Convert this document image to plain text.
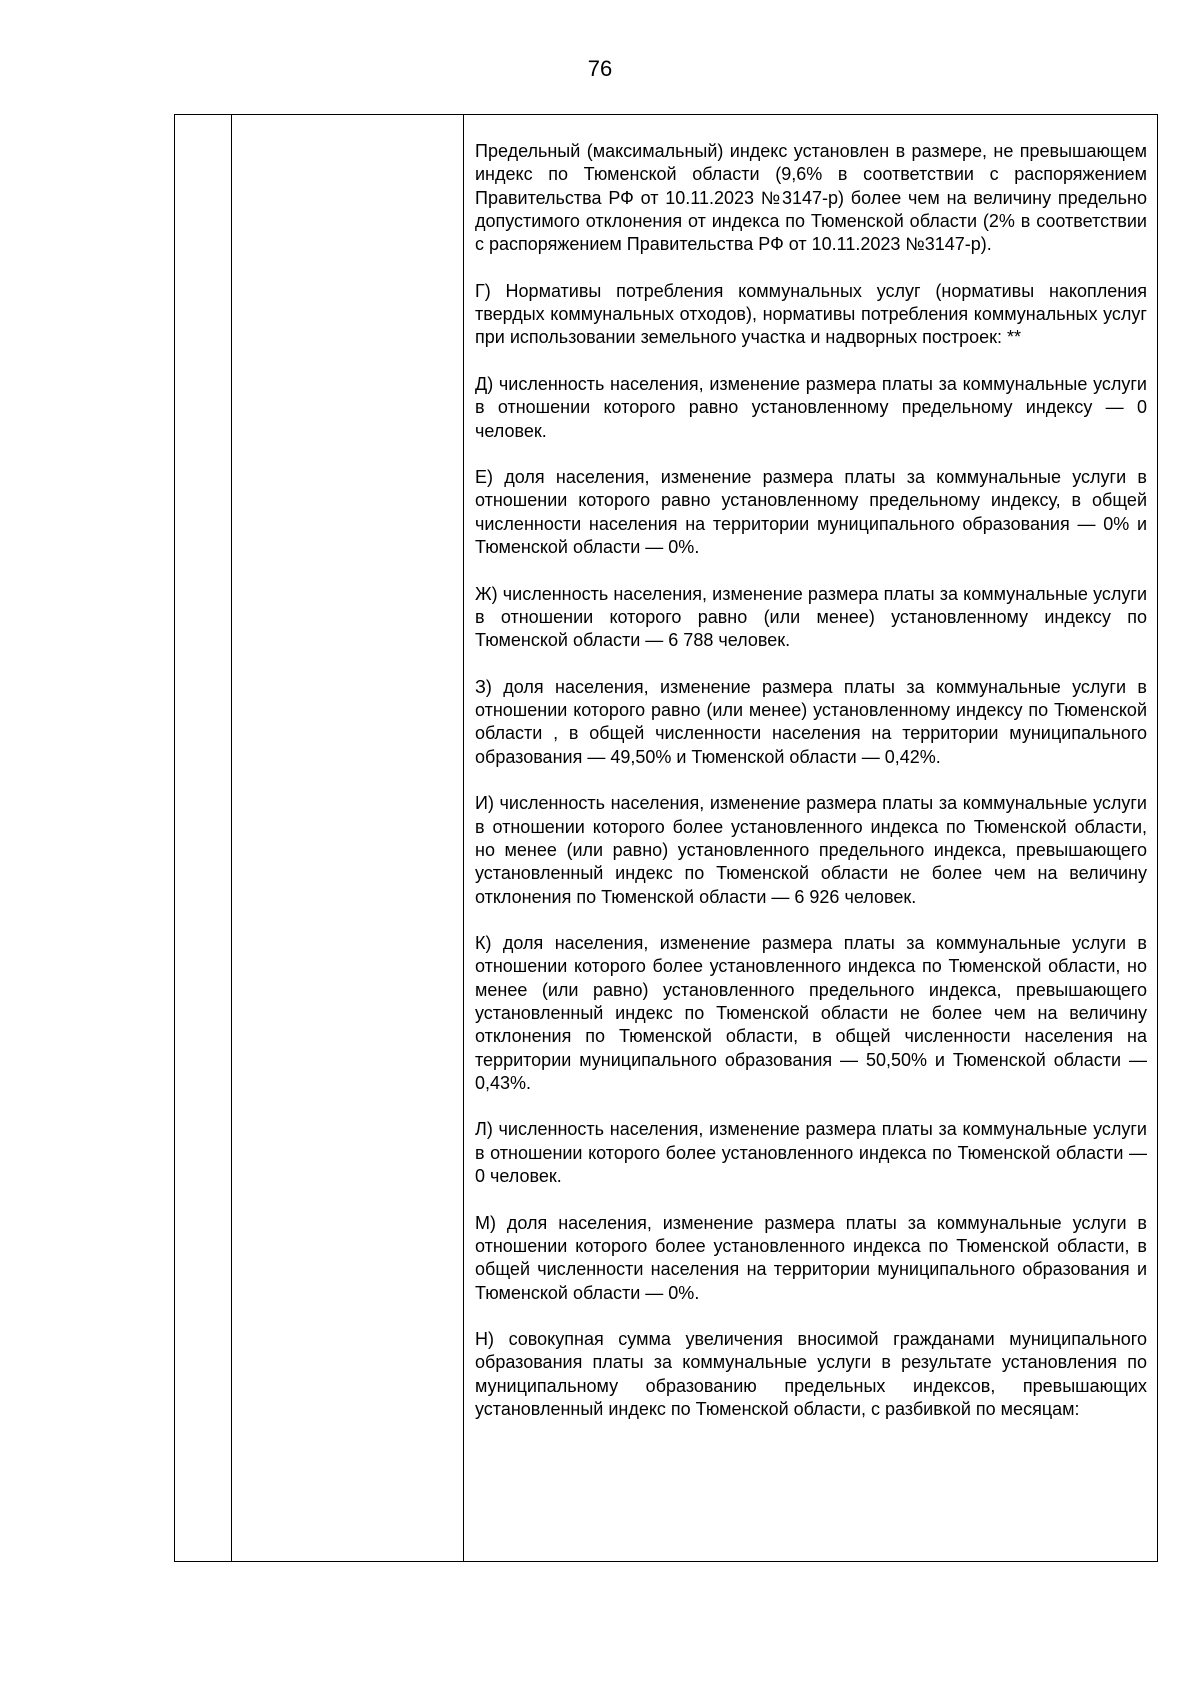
76

Предельный (максимальный) индекс установлен в размере, не превышающем индекс по Тюменской области (9,6% в соответствии с распоряжением Правительства РФ от 10.11.2023 №3147-р) более чем на величину предельно допустимого отклонения от индекса по Тюменской области (2% в соответствии с распоряжением Правительства РФ от 10.11.2023 №3147-р).

Г) Нормативы потребления коммунальных услуг (нормативы накопления твердых коммунальных отходов), нормативы потребления коммунальных услуг при использовании земельного участка и надворных построек: **

Д) численность населения, изменение размера платы за коммунальные услуги в отношении которого равно установленному предельному индексу — 0 человек.

Е) доля населения, изменение размера платы за коммунальные услуги в отношении которого равно установленному предельному индексу, в общей численности населения на территории муниципального образования — 0% и Тюменской области — 0%.

Ж) численность населения, изменение размера платы за коммунальные услуги в отношении которого равно (или менее) установленному индексу по Тюменской области — 6 788 человек.

З) доля населения, изменение размера платы за коммунальные услуги в отношении которого равно (или менее) установленному индексу по Тюменской области , в общей численности населения на территории муниципального образования — 49,50% и Тюменской области — 0,42%.

И) численность населения, изменение размера платы за коммунальные услуги в отношении которого более установленного индекса по Тюменской области, но менее (или равно) установленного предельного индекса, превышающего установленный индекс по Тюменской области не более чем на величину отклонения по Тюменской области — 6 926 человек.

К) доля населения, изменение размера платы за коммунальные услуги в отношении которого более установленного индекса по Тюменской области, но менее (или равно) установленного предельного индекса, превышающего установленный индекс по Тюменской области не более чем на величину отклонения по Тюменской области, в общей численности населения на территории муниципального образования — 50,50% и Тюменской области — 0,43%.

Л) численность населения, изменение размера платы за коммунальные услуги в отношении которого более установленного индекса по Тюменской области — 0 человек.

М) доля населения, изменение размера платы за коммунальные услуги в отношении которого более установленного индекса по Тюменской области, в общей численности населения на территории муниципального образования и Тюменской области — 0%.

Н) совокупная сумма увеличения вносимой гражданами муниципального образования платы за коммунальные услуги в результате установления по муниципальному образованию предельных индексов, превышающих установленный индекс по Тюменской области, с разбивкой по месяцам:
